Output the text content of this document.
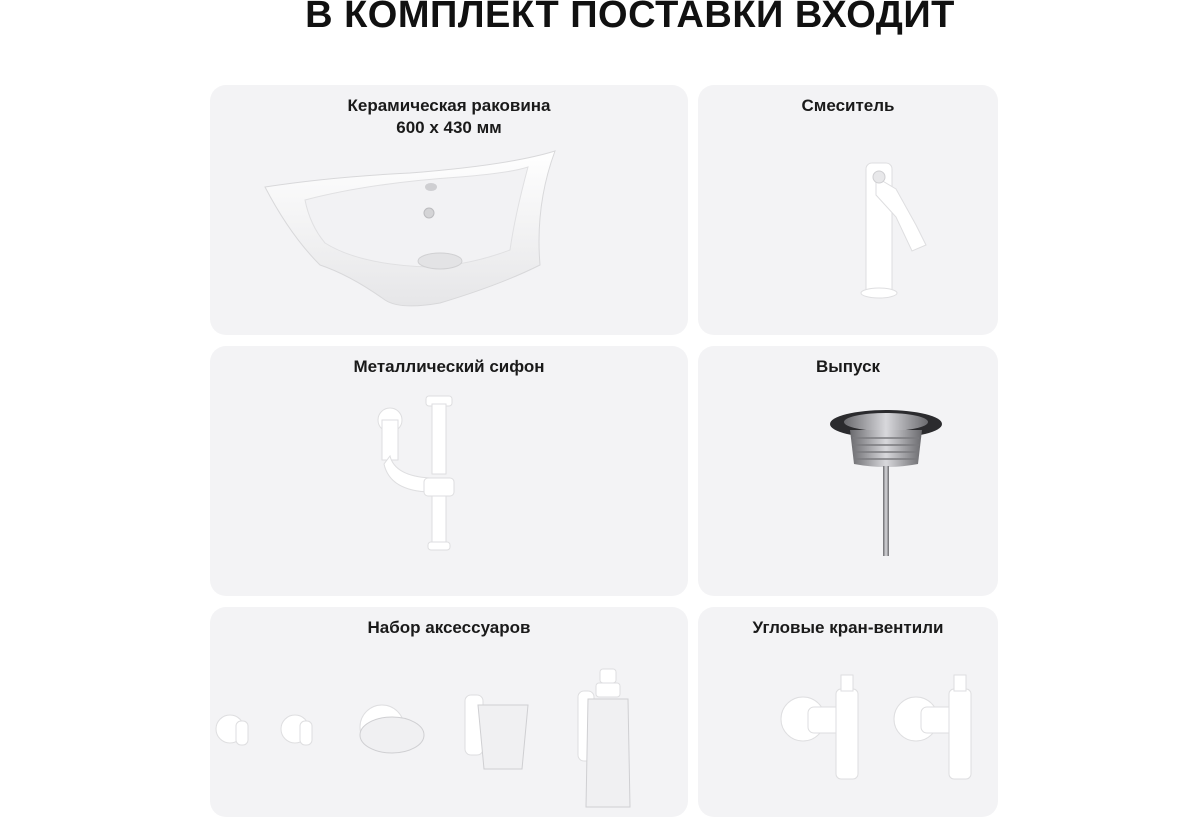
В КОМПЛЕКТ ПОСТАВКИ ВХОДИТ
Керамическая раковина
600 x 430 мм
Смеситель
Металлический сифон	Выпуск
Набор аксессуаров	Угловые кран-вентили
